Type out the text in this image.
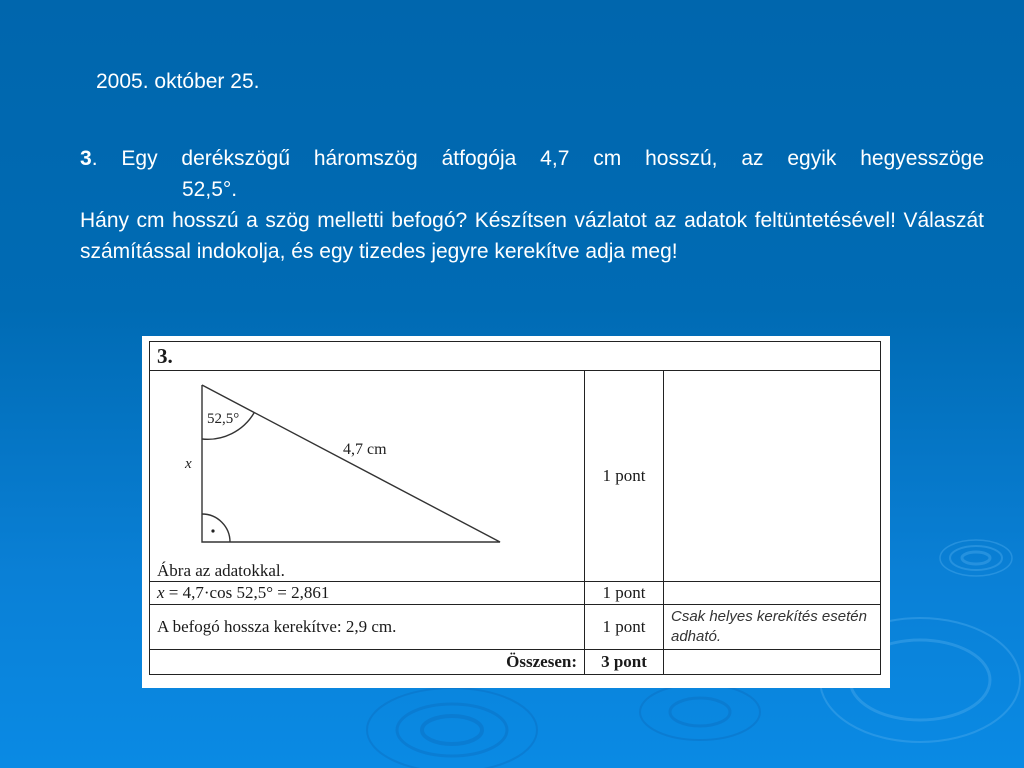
2005. október 25.
3. Egy derékszögű háromszög átfogója 4,7 cm hosszú, az egyik hegyesszöge
52,5°.
Hány cm hosszú a szög melletti befogó? Készítsen vázlatot az adatok feltüntetésével! Válaszát számítással indokolja, és egy tizedes jegyre kerekítve adja meg!
3.		

52,5°
4,7 cm
x
Ábra az adatokkal.	1 pont	
x = 4,7·cos 52,5° = 2,861	1 pont	
A befogó hossza kerekítve: 2,9 cm.	1 pont	Csak helyes kerekítés esetén adható.
Összesen:	3 pont	
